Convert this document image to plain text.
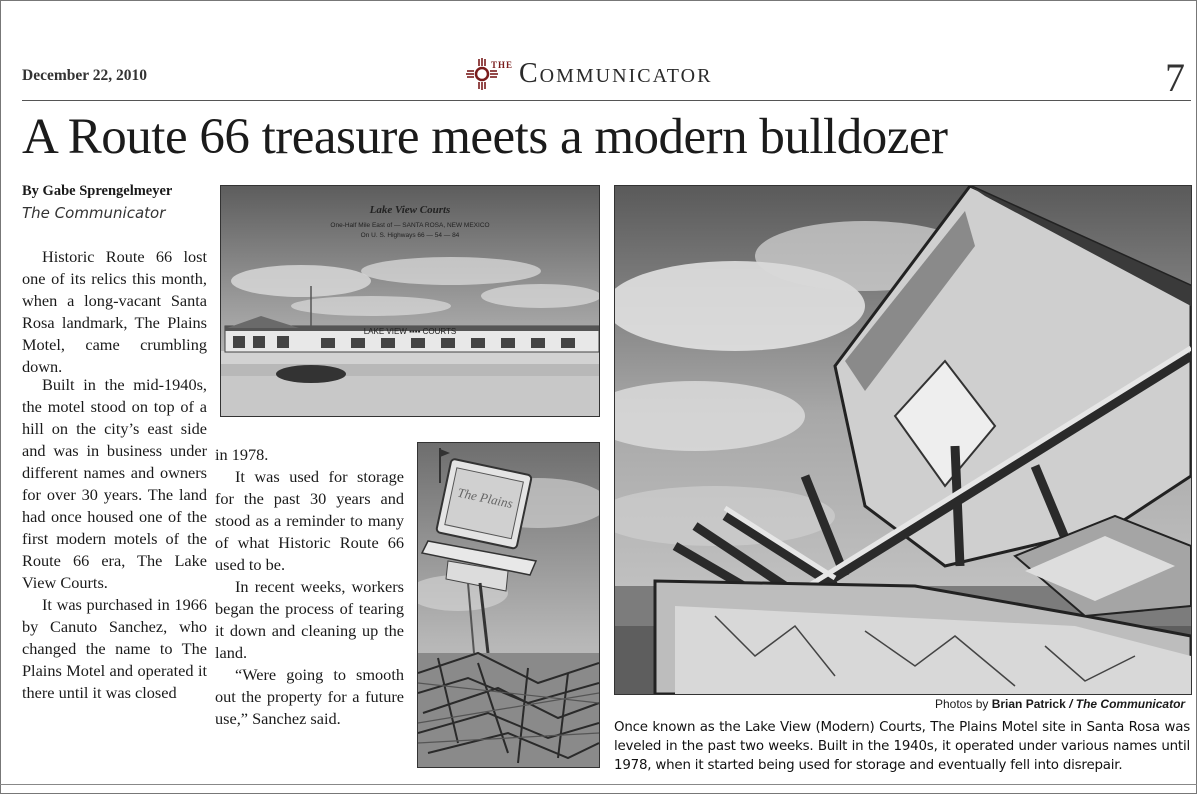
December 22, 2010
THE Communicator	7
A Route 66 treasure meets a modern bulldozer
By Gabe Sprengelmeyer
The Communicator

Historic Route 66 lost one of its relics this month, when a long-vacant Santa Rosa landmark, The Plains Motel, came crumbling down.

Built in the mid-1940s, the motel stood on top of a hill on the city’s east side and was in business under different names and owners for over 30 years. The land had once housed one of the first modern motels of the Route 66 era, The Lake View Courts.

It was purchased in 1966 by Canuto Sanchez, who changed the name to The Plains Motel and operated it there until it was closed

in 1978.

It was used for storage for the past 30 years and stood as a reminder to many of what Historic Route 66 used to be.

In recent weeks, workers began the process of tearing it down and cleaning up the land.

“Were going to smooth out the property for a future use,” Sanchez said.

LAKE VIEW ▪▪▪▪ COURTS
Lake View Courts
One-Half Mile East of — SANTA ROSA, NEW MEXICO
On U. S. Highways 66 — 54 — 84
The Plains
Photos by Brian Patrick / The Communicator
Once known as the Lake View (Modern) Courts, The Plains Motel site in Santa Rosa was leveled in the past two weeks. Built in the 1940s, it operated under various names until 1978, when it started being used for storage and eventually fell into disrepair.
